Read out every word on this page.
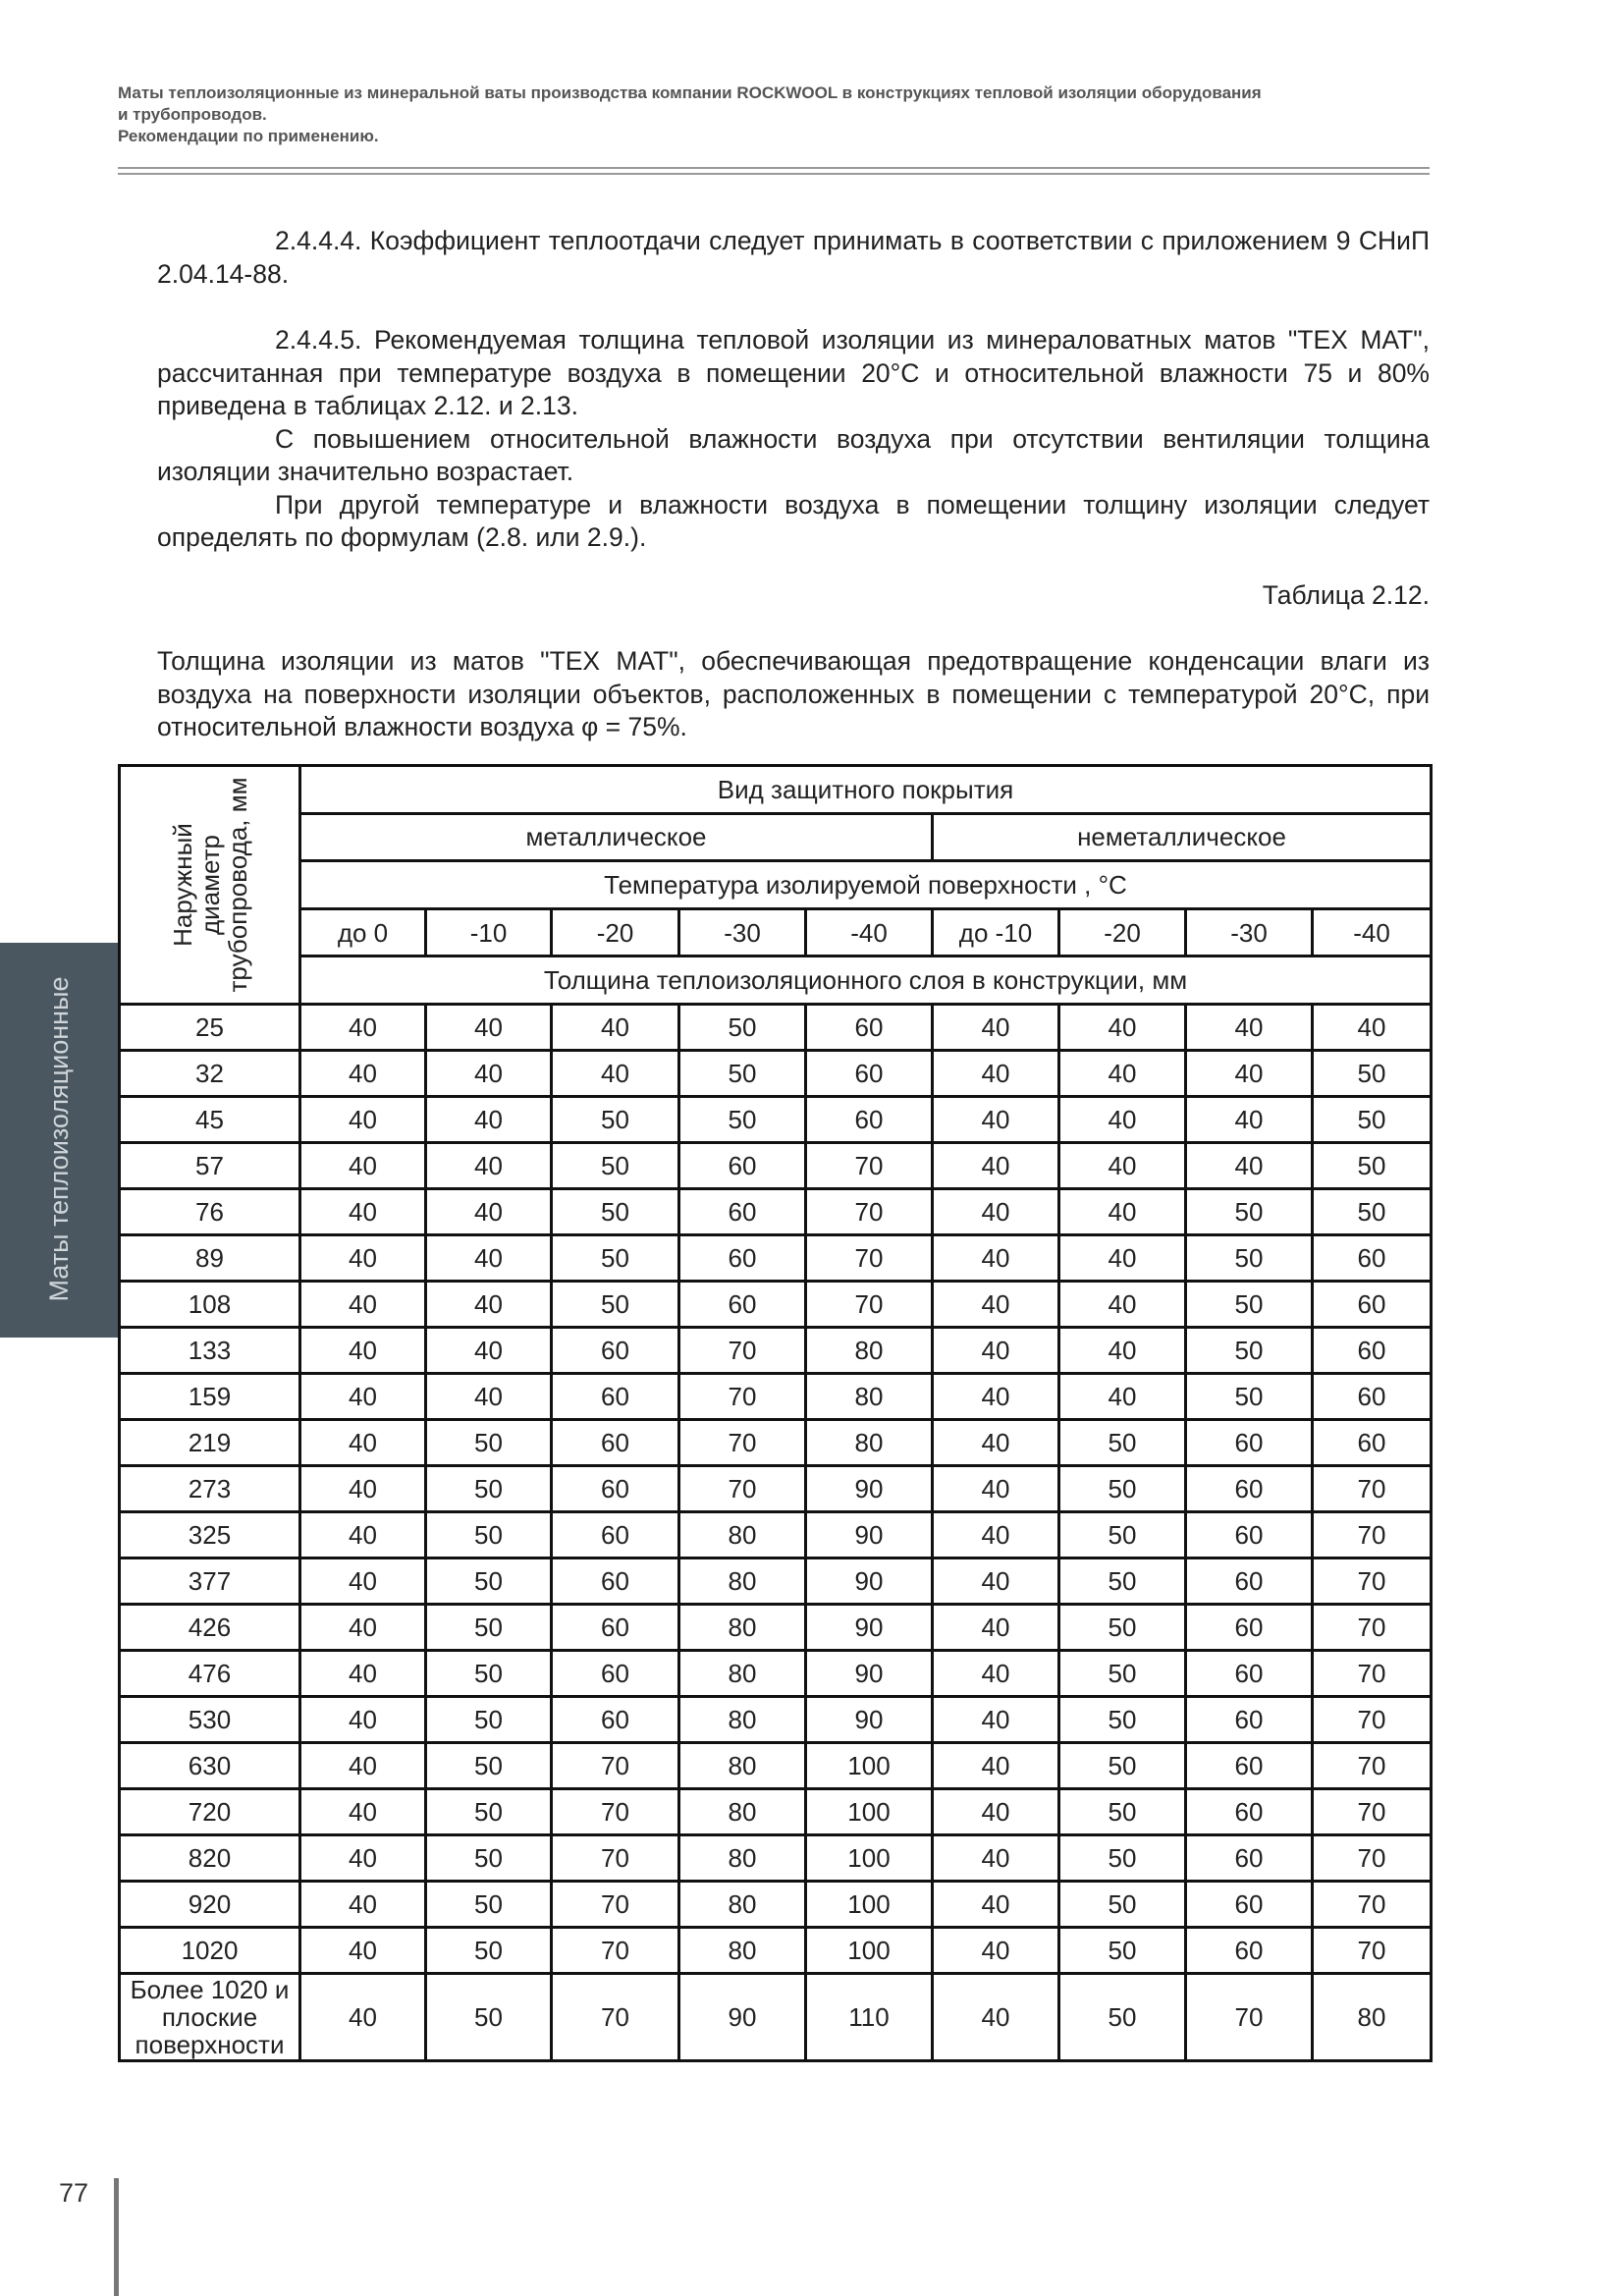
Маты теплоизоляционные из минеральной ваты производства компании ROCKWOOL в конструкциях тепловой изоляции оборудования
и трубопроводов.
Рекомендации по применению.

2.4.4.4. Коэффициент теплоотдачи следует принимать в соответствии с приложением 9 СНиП 2.04.14-88.

2.4.4.5. Рекомендуемая толщина тепловой изоляции из минераловатных матов "ТЕХ МАТ", рассчитанная при температуре воздуха в помещении 20°С и относительной влажности 75 и 80% приведена в таблицах 2.12. и 2.13.

С повышением относительной влажности воздуха при отсутствии вентиляции толщина изоляции значительно возрастает.

При другой температуре и влажности воздуха в помещении толщину изоляции следует определять по формулам (2.8. или 2.9.).

Таблица 2.12.
Толщина изоляции из матов "ТЕХ МАТ", обеспечивающая предотвращение конденсации влаги из воздуха на поверхности изоляции объектов, расположенных в помещении с температурой 20°С, при относительной влажности воздуха φ = 75%.
Маты теплоизоляционные
Наружный диаметр трубопровода, мм	Вид защитного покрытия								
	металлическое					неметаллическое			
	Температура изолируемой поверхности , °С								
	до 0	-10	-20	-30	-40	до -10	-20	-30	-40
	Толщина теплоизоляционного слоя в конструкции, мм								
25	40	40	40	50	60	40	40	40	40
32	40	40	40	50	60	40	40	40	50
45	40	40	50	50	60	40	40	40	50
57	40	40	50	60	70	40	40	40	50
76	40	40	50	60	70	40	40	50	50
89	40	40	50	60	70	40	40	50	60
108	40	40	50	60	70	40	40	50	60
133	40	40	60	70	80	40	40	50	60
159	40	40	60	70	80	40	40	50	60
219	40	50	60	70	80	40	50	60	60
273	40	50	60	70	90	40	50	60	70
325	40	50	60	80	90	40	50	60	70
377	40	50	60	80	90	40	50	60	70
426	40	50	60	80	90	40	50	60	70
476	40	50	60	80	90	40	50	60	70
530	40	50	60	80	90	40	50	60	70
630	40	50	70	80	100	40	50	60	70
720	40	50	70	80	100	40	50	60	70
820	40	50	70	80	100	40	50	60	70
920	40	50	70	80	100	40	50	60	70
1020	40	50	70	80	100	40	50	60	70

Более 1020 и
плоские
поверхности	40	50	70	90	110	40	50	70	80
77
